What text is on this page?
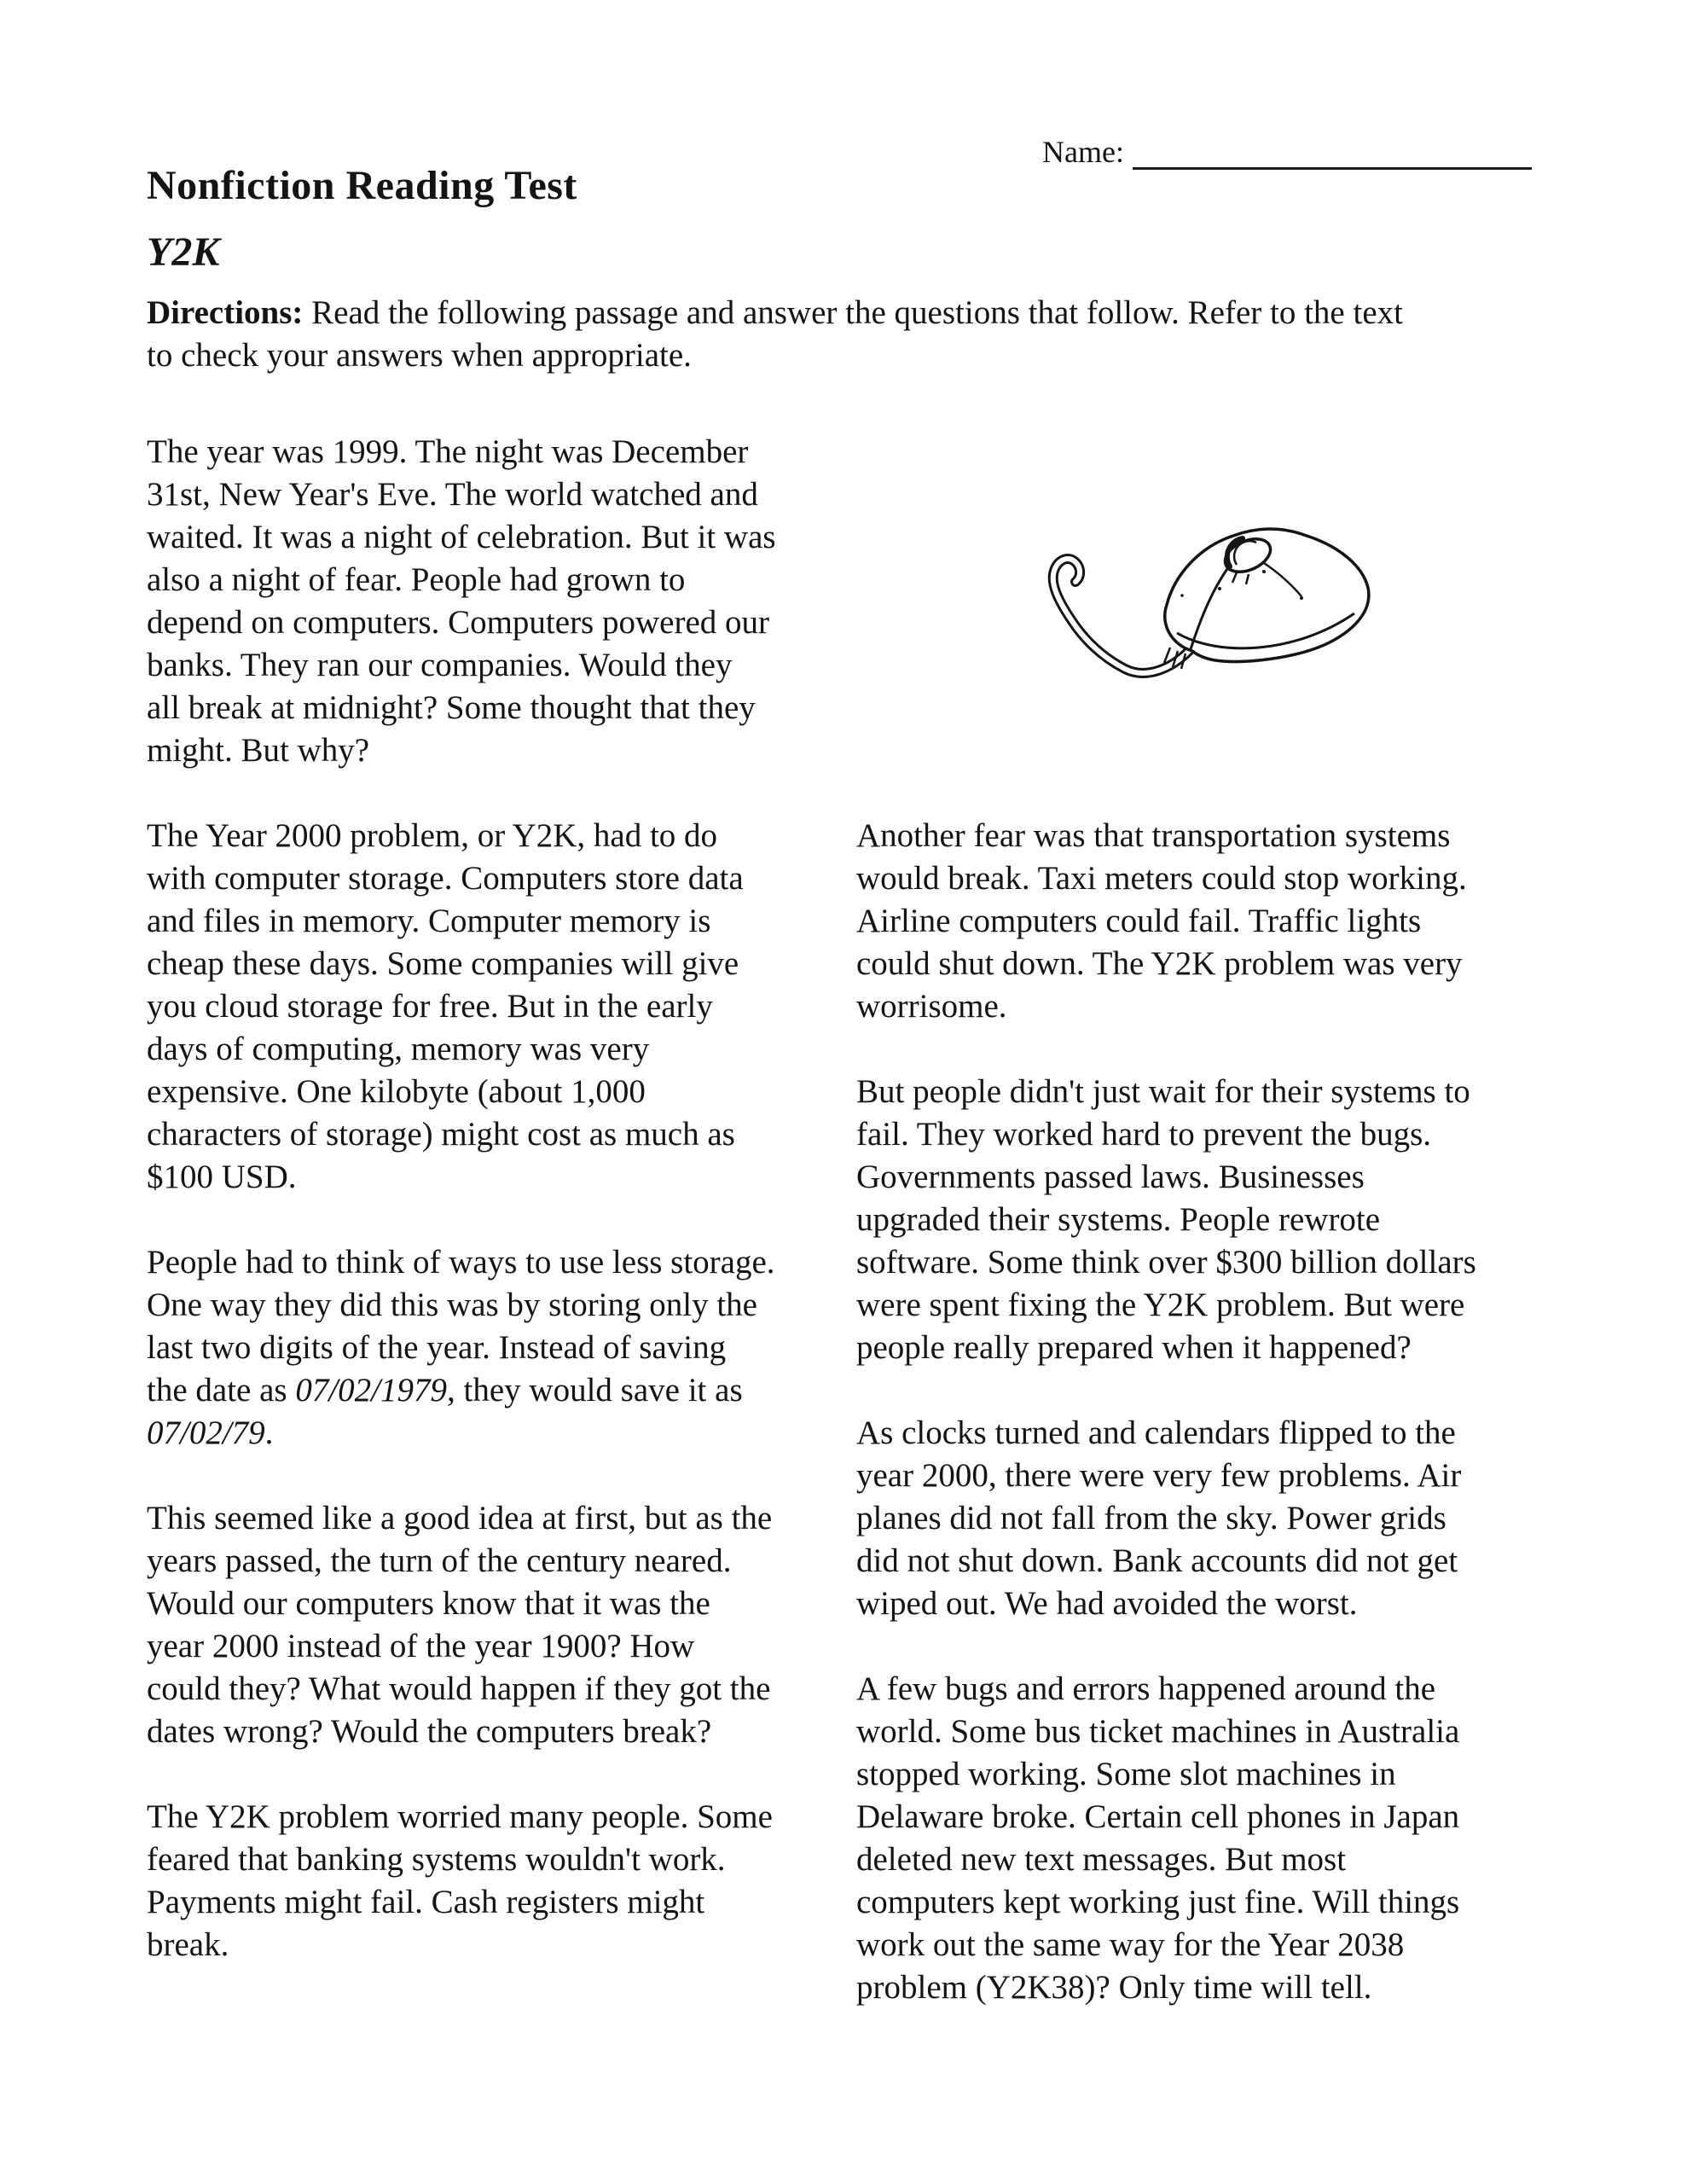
Name:
Nonfiction Reading Test
Y2K
Directions: Read the following passage and answer the questions that follow. Refer to the text
to check your answers when appropriate.
The year was 1999. The night was December
31st, New Year's Eve. The world watched and
waited. It was a night of celebration. But it was
also a night of fear. People had grown to
depend on computers. Computers powered our
banks. They ran our companies. Would they
all break at midnight? Some thought that they
might. But why?
The Year 2000 problem, or Y2K, had to do
with computer storage. Computers store data
and files in memory. Computer memory is
cheap these days. Some companies will give
you cloud storage for free. But in the early
days of computing, memory was very
expensive. One kilobyte (about 1,000
characters of storage) might cost as much as
$100 USD.
People had to think of ways to use less storage.
One way they did this was by storing only the
last two digits of the year. Instead of saving
the date as 07/02/1979, they would save it as
07/02/79.
This seemed like a good idea at first, but as the
years passed, the turn of the century neared.
Would our computers know that it was the
year 2000 instead of the year 1900? How
could they? What would happen if they got the
dates wrong? Would the computers break?
The Y2K problem worried many people. Some
feared that banking systems wouldn't work.
Payments might fail. Cash registers might
break.
Another fear was that transportation systems
would break. Taxi meters could stop working.
Airline computers could fail. Traffic lights
could shut down. The Y2K problem was very
worrisome.
But people didn't just wait for their systems to
fail. They worked hard to prevent the bugs.
Governments passed laws. Businesses
upgraded their systems. People rewrote
software. Some think over $300 billion dollars
were spent fixing the Y2K problem. But were
people really prepared when it happened?
As clocks turned and calendars flipped to the
year 2000, there were very few problems. Air
planes did not fall from the sky. Power grids
did not shut down. Bank accounts did not get
wiped out. We had avoided the worst.
A few bugs and errors happened around the
world. Some bus ticket machines in Australia
stopped working. Some slot machines in
Delaware broke. Certain cell phones in Japan
deleted new text messages. But most
computers kept working just fine. Will things
work out the same way for the Year 2038
problem (Y2K38)? Only time will tell.
